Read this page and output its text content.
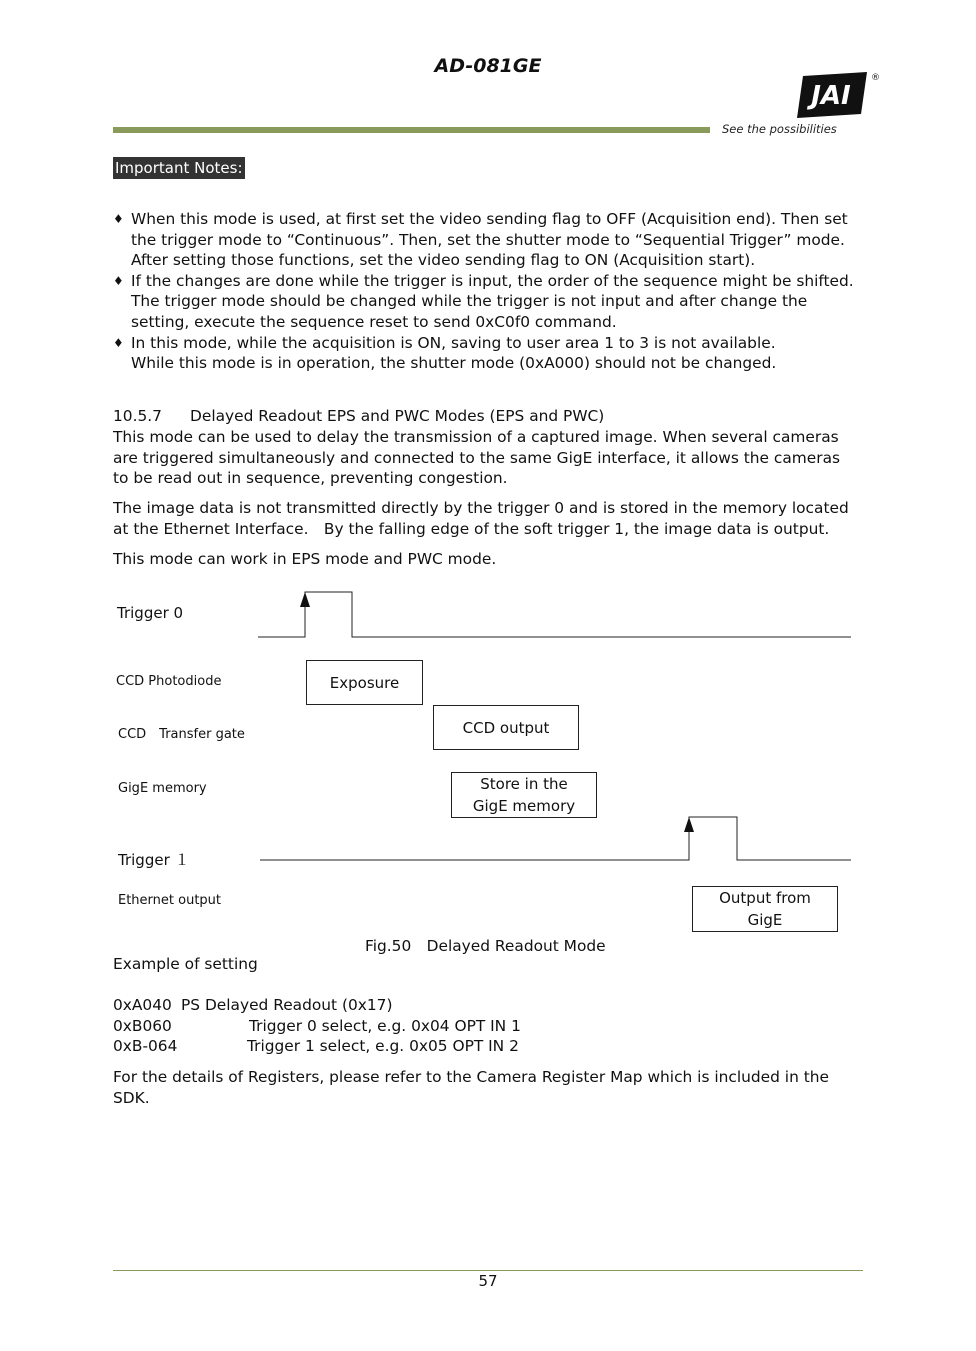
AD-081GE
JAI
®
See the possibilities
Important Notes:
♦ When this mode is used, at first set the video sending flag to OFF (Acquisition end). Then set
the trigger mode to “Continuous”. Then, set the shutter mode to “Sequential Trigger” mode.
After setting those functions, set the video sending flag to ON (Acquisition start).
♦ If the changes are done while the trigger is input, the order of the sequence might be shifted.
The trigger mode should be changed while the trigger is not input and after change the
setting, execute the sequence reset to send 0xC0f0 command.
♦ In this mode, while the acquisition is ON, saving to user area 1 to 3 is not available.
While this mode is in operation, the shutter mode (0xA000) should not be changed.
10.5.7 Delayed Readout EPS and PWC Modes (EPS and PWC)
This mode can be used to delay the transmission of a captured image. When several cameras
are triggered simultaneously and connected to the same GigE interface, it allows the cameras
to be read out in sequence, preventing congestion.
The image data is not transmitted directly by the trigger 0 and is stored in the memory located
at the Ethernet Interface.　By the falling edge of the soft trigger 1, the image data is output.
This mode can work in EPS mode and PWC mode.
Trigger 0
CCD Photodiode
CCD　Transfer gate
GigE memory
Trigger １
Ethernet output
Exposure
CCD output
Store in the
GigE memory
Output from
GigE
Fig.50　Delayed Readout Mode
Example of setting
0xA040 PS Delayed Readout (0x17)
0xB060	Trigger 0 select, e.g. 0x04 OPT IN 1
0xB-064	Trigger 1 select, e.g. 0x05 OPT IN 2
For the details of Registers, please refer to the Camera Register Map which is included in the
SDK.
57
